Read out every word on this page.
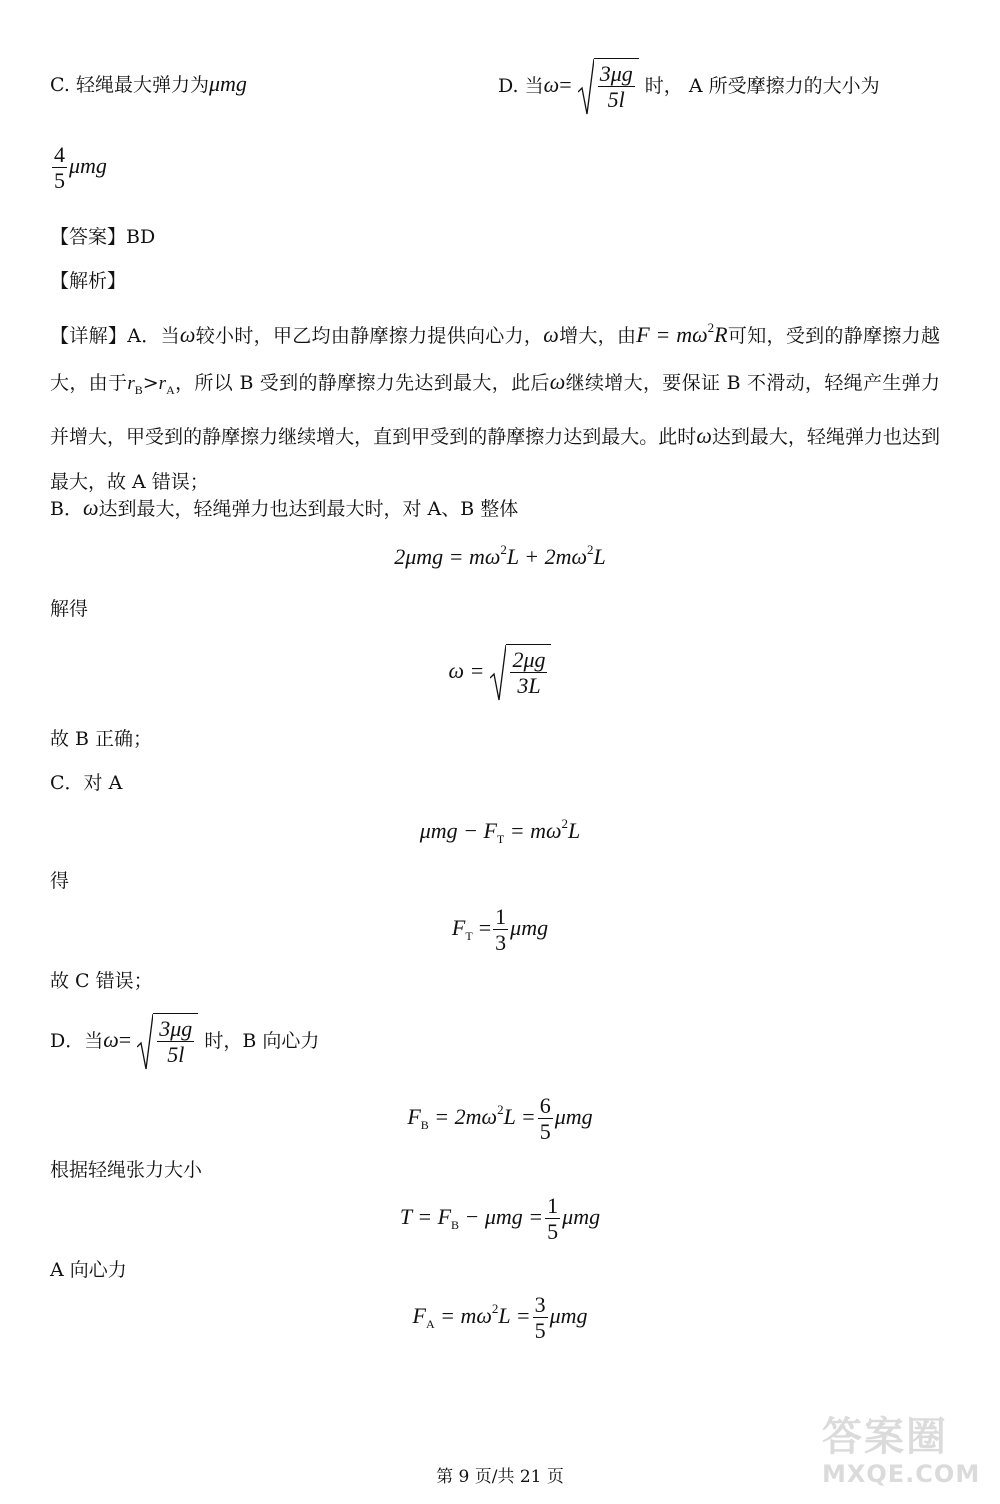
C. 轻绳最大弹力为μmg	D. 当$\omega= \frac{3\mu g}{5l}$ 时， A 所受摩擦力的大小为
$\frac{4}{5}$ μmg
【答案】BD
【解析】
【详解】A．当ω较小时，甲乙均由静摩擦力提供向心力，ω增大，由$F = m\omega^2R$可知，受到的静摩擦力越大，由于$r_B>r_A$，所以 B 受到的静摩擦力先达到最大，此后ω继续增大，要保证 B 不滑动，轻绳产生弹力并增大，甲受到的静摩擦力继续增大，直到甲受到的静摩擦力达到最大。此时ω达到最大，轻绳弹力也达到最大，故 A 错误；
B．ω达到最大，轻绳弹力也达到最大时，对 A、B 整体
$2\mu mg = m\omega^2L + 2m\omega^2L$
解得
$\omega = \frac{2\mu g}{3L}$
故 B 正确；
C．对 A
$\mu mg - F_T = m\omega^2L$
得
$F_T = \frac{1}{3}$ μmg
故 C 错误；
D．当$\omega= \frac{3\mu g}{5l}$ 时，B 向心力
$F_B = 2m\omega^2L = \frac{6}{5}$ μmg
根据轻绳张力大小
$T = F_B - \mu mg = \frac{1}{5}$ μmg
A 向心力
$F_A = m\omega^2L = \frac{3}{5}$ μmg
第 9 页/共 21 页
答案圈
MXQE.COM
